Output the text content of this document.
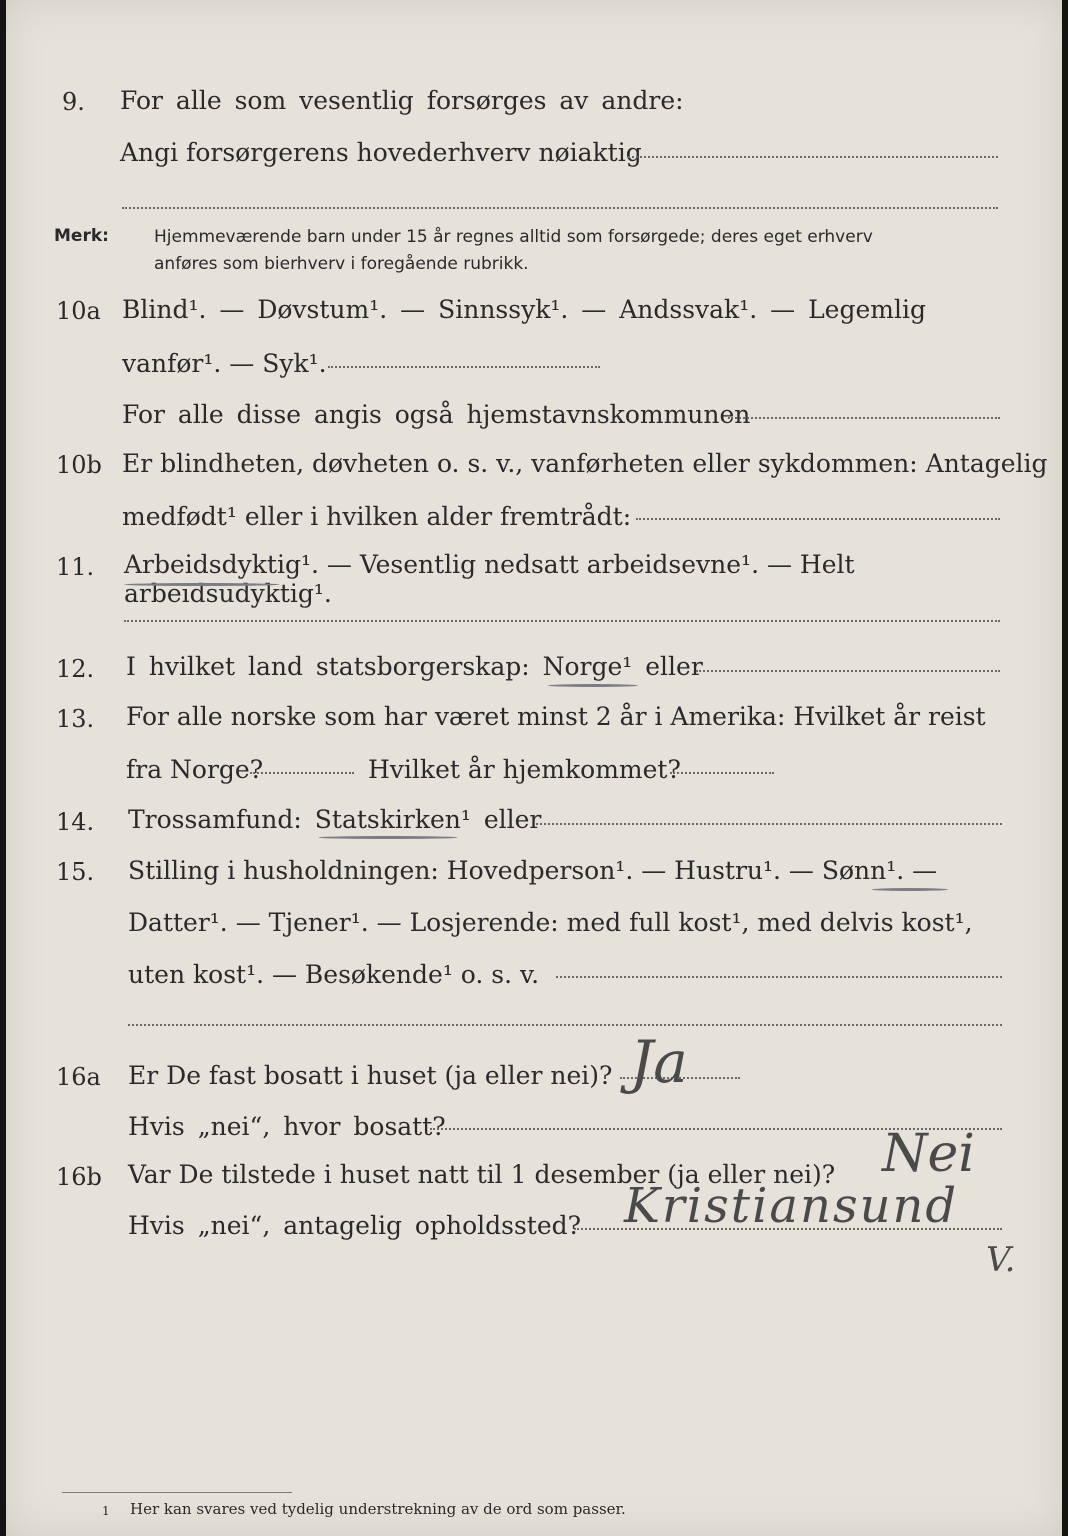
9. For alle som vesentlig forsørges av andre:
Angi forsørgerens hovederhverv nøiaktig
Merk:	Hjemmeværende barn under 15 år regnes alltid som forsørgede; deres eget erhverv
anføres som bierhverv i foregående rubrikk.
10a Blind¹. — Døvstum¹. — Sinnssyk¹. — Andssvak¹. — Legemlig
vanfør¹. — Syk¹.
For alle disse angis også hjemstavnskommunen
10b Er blindheten, døvheten o. s. v., vanførheten eller sykdommen: Antagelig
medfødt¹ eller i hvilken alder fremtrådt:
11. Arbeidsdyktig¹. — Vesentlig nedsatt arbeidsevne¹. — Helt arbeidsudyktig¹.
12. I hvilket land statsborgerskap: Norge¹ eller
13. For alle norske som har været minst 2 år i Amerika: Hvilket år reist
fra Norge?	Hvilket år hjemkommet?
14. Trossamfund: Statskirken¹ eller
15. Stilling i husholdningen: Hovedperson¹. — Hustru¹. — Sønn¹. —
Datter¹. — Tjener¹. — Losjerende: med full kost¹, med delvis kost¹,
uten kost¹. — Besøkende¹ o. s. v.
16a Er De fast bosatt i huset (ja eller nei)? Ja
Hvis „nei“, hvor bosatt?
16b Var De tilstede i huset natt til 1 desember (ja eller nei)? Nei
Hvis „nei“, antagelig opholdssted? Kristiansund
V.
1 Her kan svares ved tydelig understrekning av de ord som passer.
